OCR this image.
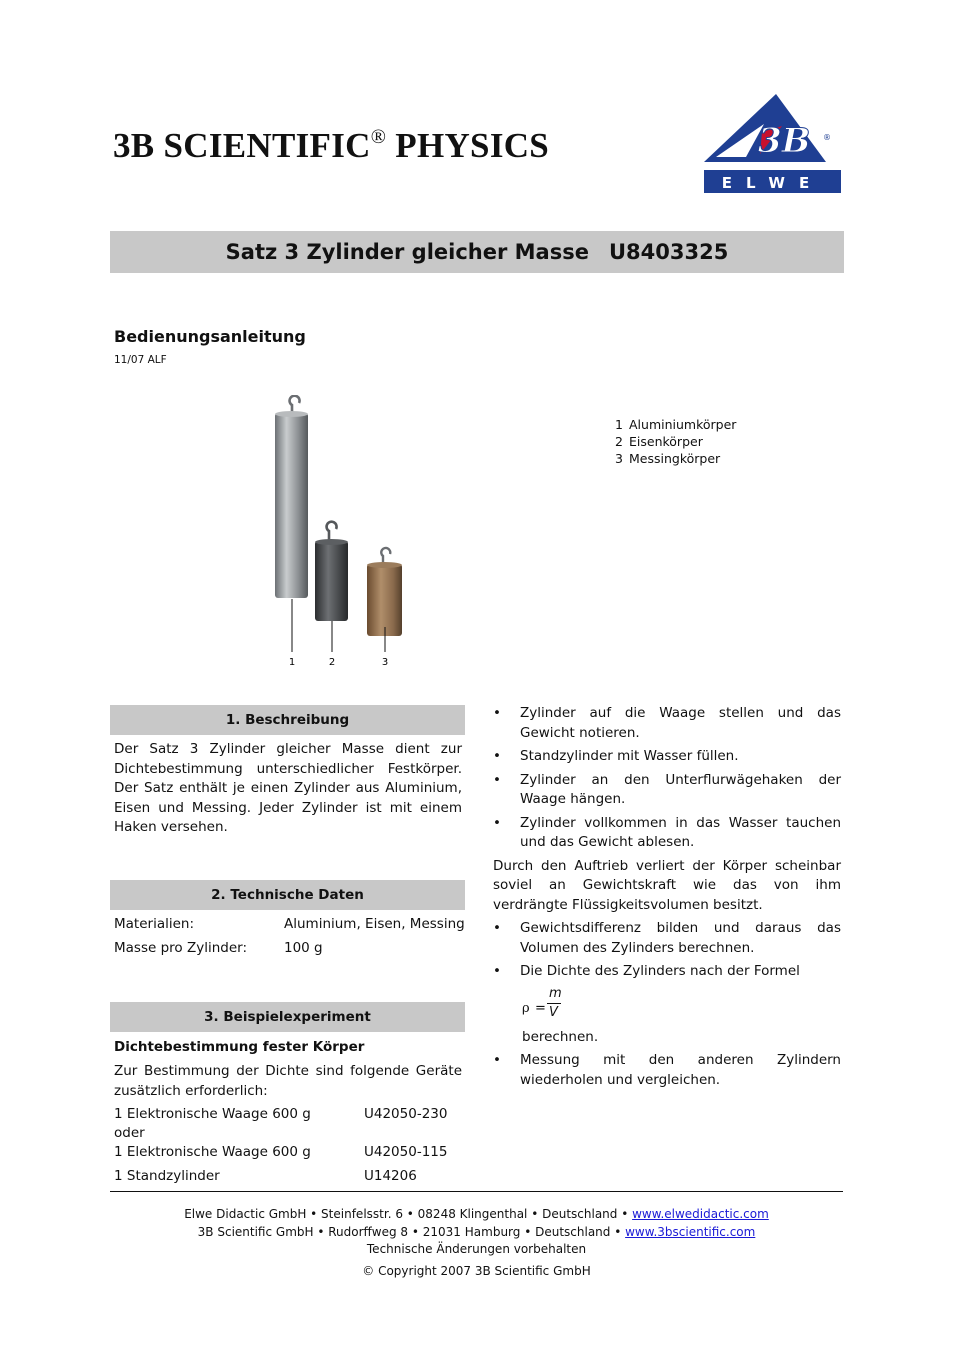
3B SCIENTIFIC® PHYSICS	3B ®
ELWE
Satz 3 Zylinder gleicher Masse U8403325
Bedienungsanleitung
11/07 ALF
1	2	3
1 Aluminiumkörper
2 Eisenkörper
3 Messingkörper
1. Beschreibung
Der Satz 3 Zylinder gleicher Masse dient zur Dichtebestimmung unterschiedlicher Festkörper. Der Satz enthält je einen Zylinder aus Aluminium, Eisen und Messing. Jeder Zylinder ist mit einem Haken versehen.
2. Technische Daten
Materialien:	Aluminium, Eisen, Messing
Masse pro Zylinder:	100 g
3. Beispielexperiment
Dichtebestimmung fester Körper
Zur Bestimmung der Dichte sind folgende Geräte zusätzlich erforderlich:
1 Elektronische Waage 600 g	U42050-230
oder
1 Elektronische Waage 600 g	U42050-115
1 Standzylinder	U14206
• Zylinder auf die Waage stellen und das Gewicht notieren.
• Standzylinder mit Wasser füllen.
• Zylinder an den Unterflurwägehaken der Waage hängen.
• Zylinder vollkommen in das Wasser tauchen und das Gewicht ablesen.
Durch den Auftrieb verliert der Körper scheinbar soviel an Gewichtskraft wie das von ihm verdrängte Flüssigkeitsvolumen besitzt.
• Gewichtsdifferenz bilden und daraus das Volumen des Zylinders berechnen.
• Die Dichte des Zylinders nach der Formel
ρ =
m
V
berechnen.
• Messung mit den anderen Zylindern wiederholen und vergleichen.
Elwe Didactic GmbH • Steinfelsstr. 6 • 08248 Klingenthal • Deutschland • www.elwedidactic.com
3B Scientific GmbH • Rudorffweg 8 • 21031 Hamburg • Deutschland • www.3bscientific.com
Technische Änderungen vorbehalten
© Copyright 2007 3B Scientific GmbH
